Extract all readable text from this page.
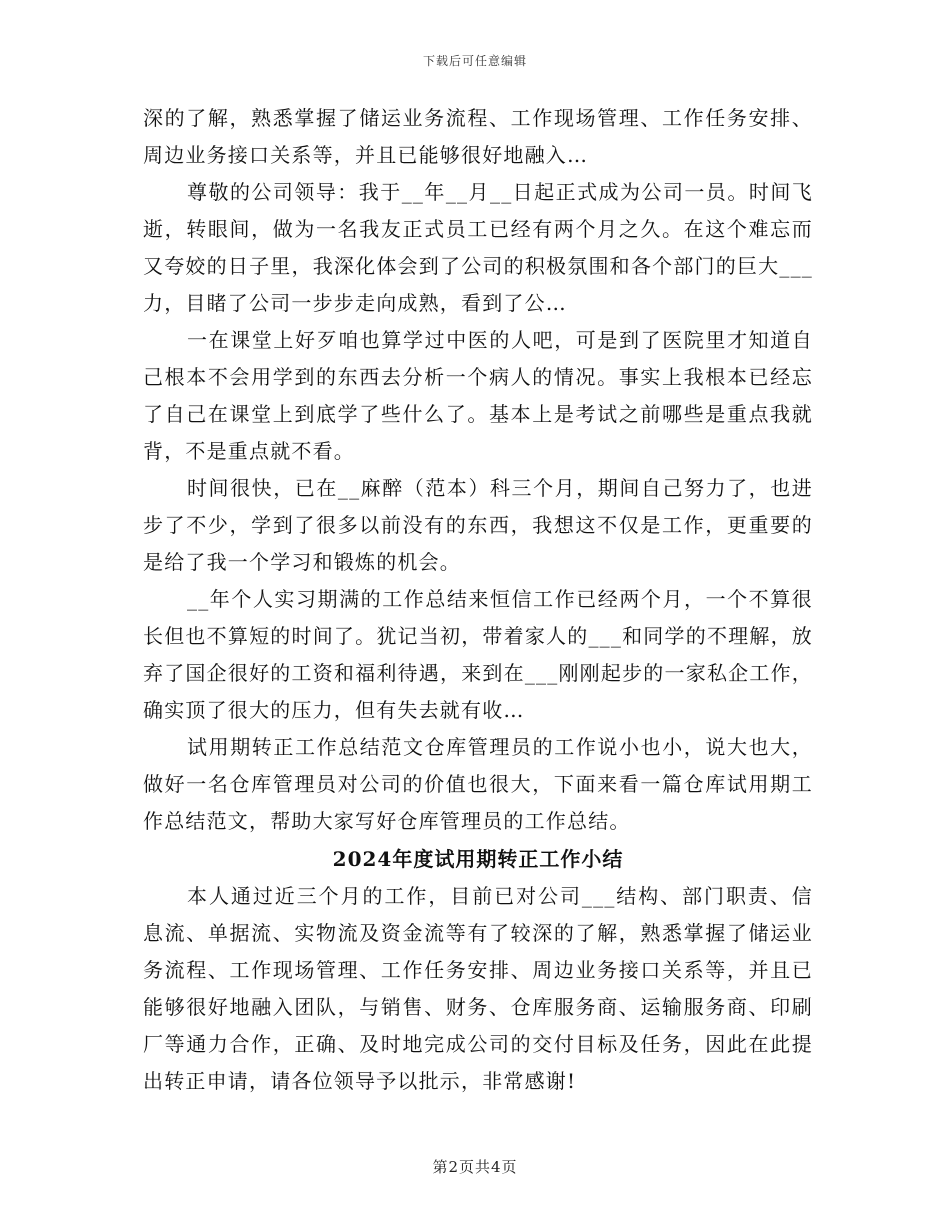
下载后可任意编辑

深的了解，熟悉掌握了储运业务流程、工作现场管理、工作任务安排、周边业务接口关系等，并且已能够很好地融入…

尊敬的公司领导：我于__年__月__日起正式成为公司一员。时间飞逝，转眼间，做为一名我友正式员工已经有两个月之久。在这个难忘而又夸姣的日子里，我深化体会到了公司的积极氛围和各个部门的巨大___力，目睹了公司一步步走向成熟，看到了公…

一在课堂上好歹咱也算学过中医的人吧，可是到了医院里才知道自己根本不会用学到的东西去分析一个病人的情况。事实上我根本已经忘了自己在课堂上到底学了些什么了。基本上是考试之前哪些是重点我就背，不是重点就不看。

时间很快，已在__麻醉（范本）科三个月，期间自己努力了，也进步了不少，学到了很多以前没有的东西，我想这不仅是工作，更重要的是给了我一个学习和锻炼的机会。

__年个人实习期满的工作总结来恒信工作已经两个月，一个不算很长但也不算短的时间了。犹记当初，带着家人的___和同学的不理解，放弃了国企很好的工资和福利待遇，来到在___刚刚起步的一家私企工作，确实顶了很大的压力，但有失去就有收…

试用期转正工作总结范文仓库管理员的工作说小也小，说大也大，做好一名仓库管理员对公司的价值也很大，下面来看一篇仓库试用期工作总结范文，帮助大家写好仓库管理员的工作总结。

2024年度试用期转正工作小结

本人通过近三个月的工作，目前已对公司___结构、部门职责、信息流、单据流、实物流及资金流等有了较深的了解，熟悉掌握了储运业务流程、工作现场管理、工作任务安排、周边业务接口关系等，并且已能够很好地融入团队，与销售、财务、仓库服务商、运输服务商、印刷厂等通力合作，正确、及时地完成公司的交付目标及任务，因此在此提出转正申请，请各位领导予以批示，非常感谢!

第2页共4页
